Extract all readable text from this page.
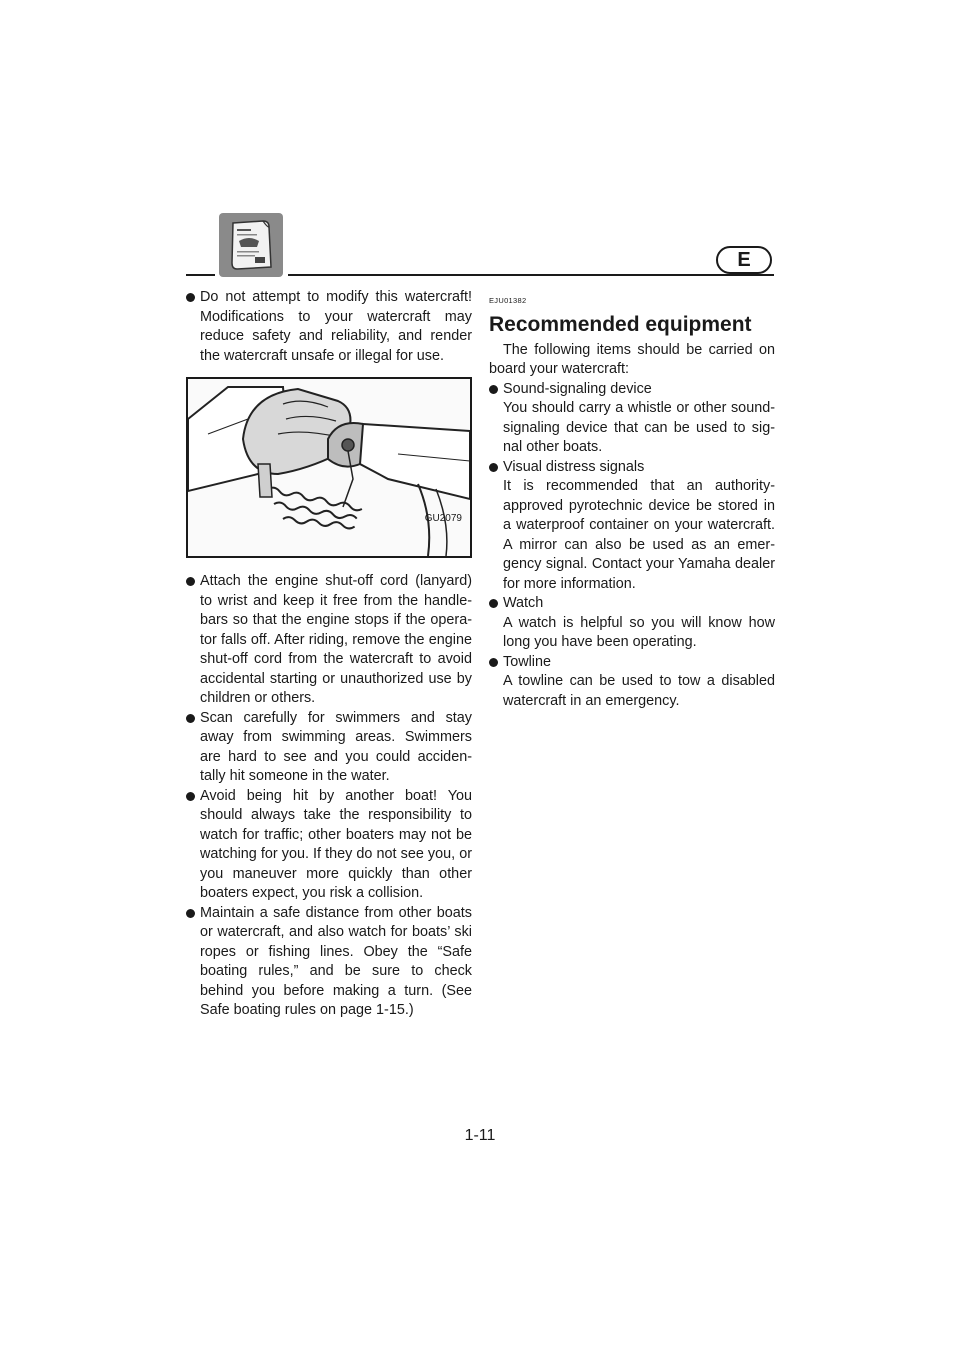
E
Do not attempt to modify this watercraft! Modifications to your watercraft may reduce safety and reliability, and render the watercraft unsafe or illegal for use.
GU2079
Attach the engine shut-off cord (lanyard) to wrist and keep it free from the handle-bars so that the engine stops if the opera-tor falls off. After riding, remove the engine shut-off cord from the watercraft to avoid accidental starting or unauthorized use by children or others.
Scan carefully for swimmers and stay away from swimming areas. Swimmers are hard to see and you could acciden-tally hit someone in the water.
Avoid being hit by another boat! You should always take the responsibility to watch for traffic; other boaters may not be watching for you. If they do not see you, or you maneuver more quickly than other boaters expect, you risk a collision.
Maintain a safe distance from other boats or watercraft, and also watch for boats’ ski ropes or fishing lines. Obey the “Safe boating rules,” and be sure to check behind you before making a turn. (See Safe boating rules on page 1-15.)
EJU01382
Recommended equipment
The following items should be carried on board your watercraft:
Sound-signaling device
You should carry a whistle or other sound-signaling device that can be used to sig-nal other boats.
Visual distress signals
It is recommended that an authority-approved pyrotechnic device be stored in a waterproof container on your watercraft. A mirror can also be used as an emer-gency signal. Contact your Yamaha dealer for more information.
Watch
A watch is helpful so you will know how long you have been operating.
Towline
A towline can be used to tow a disabled watercraft in an emergency.
1-11
